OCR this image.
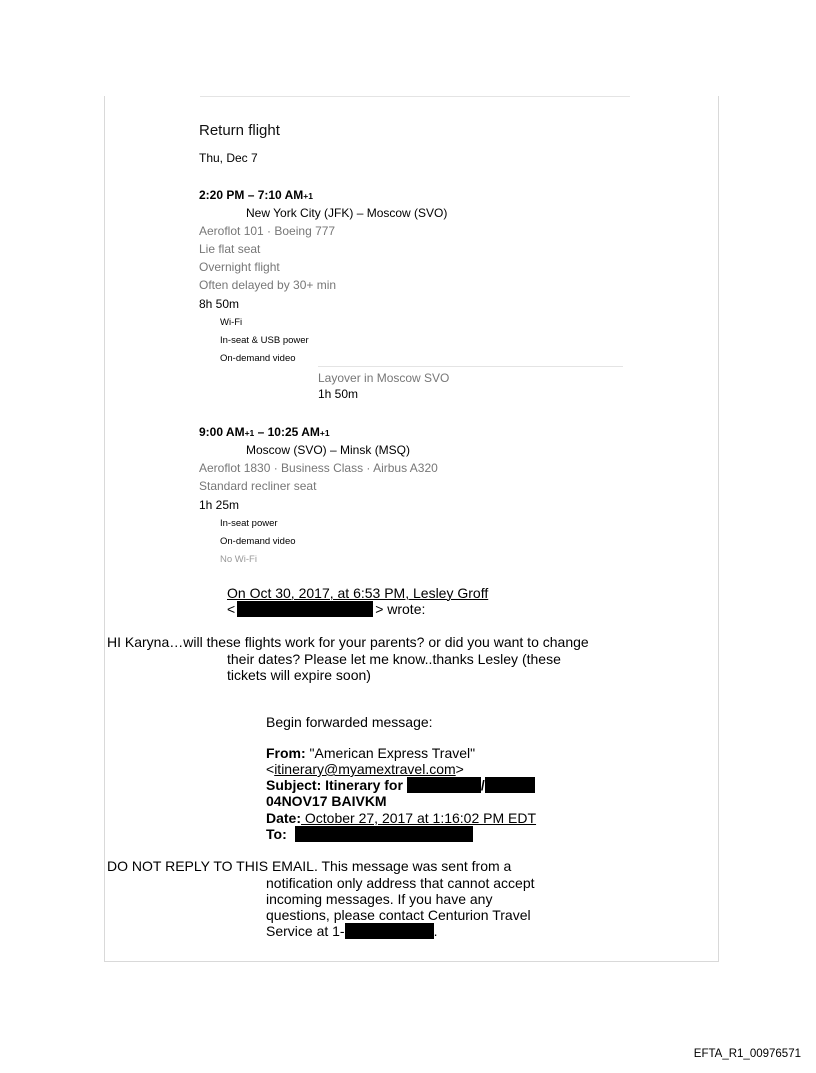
Return flight
Thu, Dec 7
2:20 PM – 7:10 AM+1
New York City (JFK) – Moscow (SVO)
Aeroflot 101 · Boeing 777
Lie flat seat
Overnight flight
Often delayed by 30+ min
8h 50m
Wi-Fi
In-seat & USB power
On-demand video
Layover in Moscow SVO
1h 50m
9:00 AM+1 – 10:25 AM+1
Moscow (SVO) – Minsk (MSQ)
Aeroflot 1830 · Business Class · Airbus A320
Standard recliner seat
1h 25m
In-seat power
On-demand video
No Wi-Fi
On Oct 30, 2017, at 6:53 PM, Lesley Groff
<	> wrote:
HI Karyna…will these flights work for your parents? or did you want to change
their dates? Please let me know..thanks Lesley (these
tickets will expire soon)
Begin forwarded message:
From: "American Express Travel"
<itinerary@myamextravel.com>
Subject: Itinerary for	/
04NOV17 BAIVKM
Date: October 27, 2017 at 1:16:02 PM EDT
To:
DO NOT REPLY TO THIS EMAIL. This message was sent from a
notification only address that cannot accept
incoming messages. If you have any
questions, please contact Centurion Travel
Service at 1-	.
EFTA_R1_00976571
